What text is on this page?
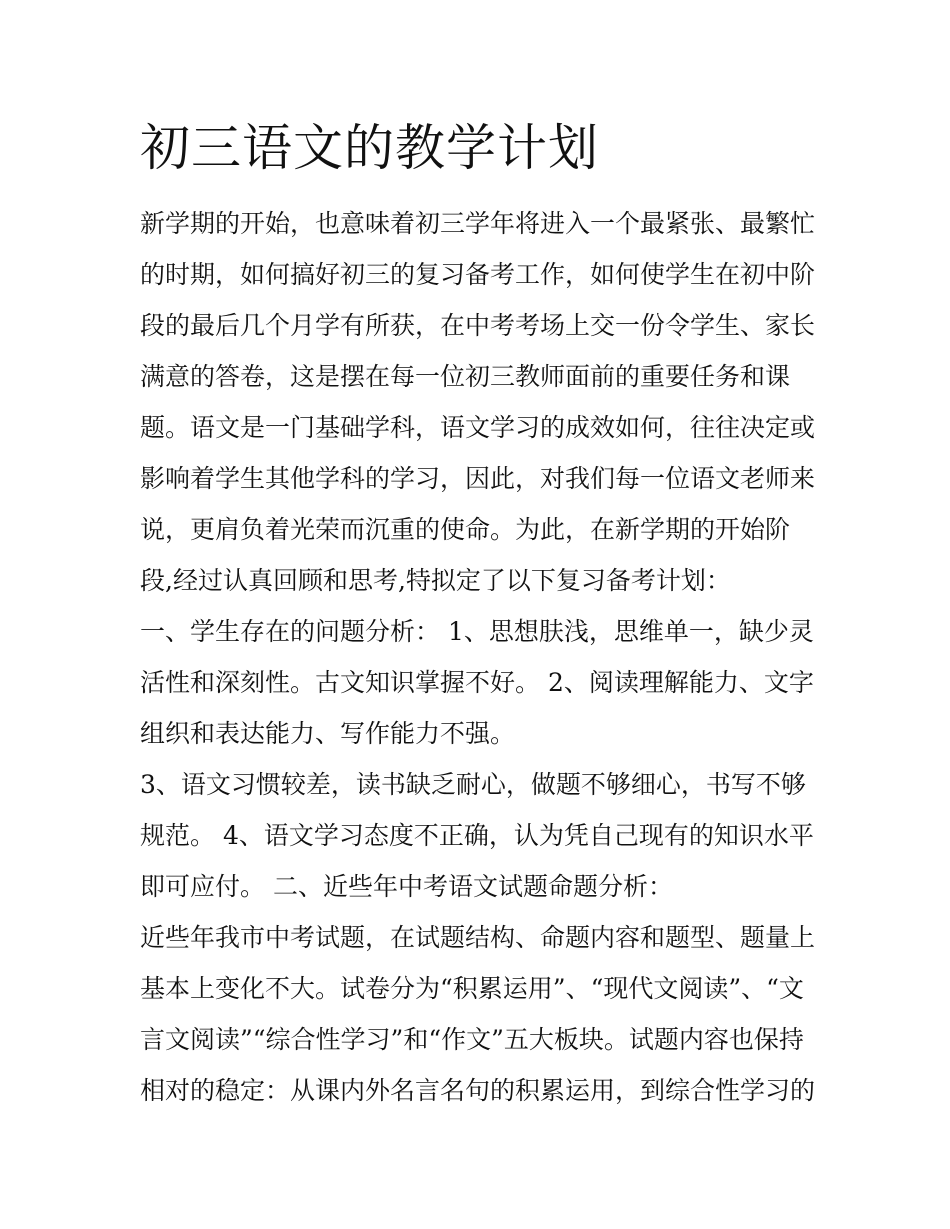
初三语文的教学计划
新学期的开始，也意味着初三学年将进入一个最紧张、最繁忙
的时期，如何搞好初三的复习备考工作，如何使学生在初中阶
段的最后几个月学有所获，在中考考场上交一份令学生、家长
满意的答卷，这是摆在每一位初三教师面前的重要任务和课
题。语文是一门基础学科，语文学习的成效如何，往往决定或
影响着学生其他学科的学习，因此，对我们每一位语文老师来
说，更肩负着光荣而沉重的使命。为此，在新学期的开始阶
段,经过认真回顾和思考,特拟定了以下复习备考计划：
一、学生存在的问题分析： 1、思想肤浅，思维单一，缺少灵
活性和深刻性。古文知识掌握不好。 2、阅读理解能力、文字
组织和表达能力、写作能力不强。
3、语文习惯较差，读书缺乏耐心，做题不够细心，书写不够
规范。 4、语文学习态度不正确，认为凭自己现有的知识水平
即可应付。 二、近些年中考语文试题命题分析：
近些年我市中考试题，在试题结构、命题内容和题型、题量上
基本上变化不大。试卷分为“积累运用”、“现代文阅读”、“文
言文阅读”“综合性学习”和“作文”五大板块。试题内容也保持
相对的稳定：从课内外名言名句的积累运用，到综合性学习的
